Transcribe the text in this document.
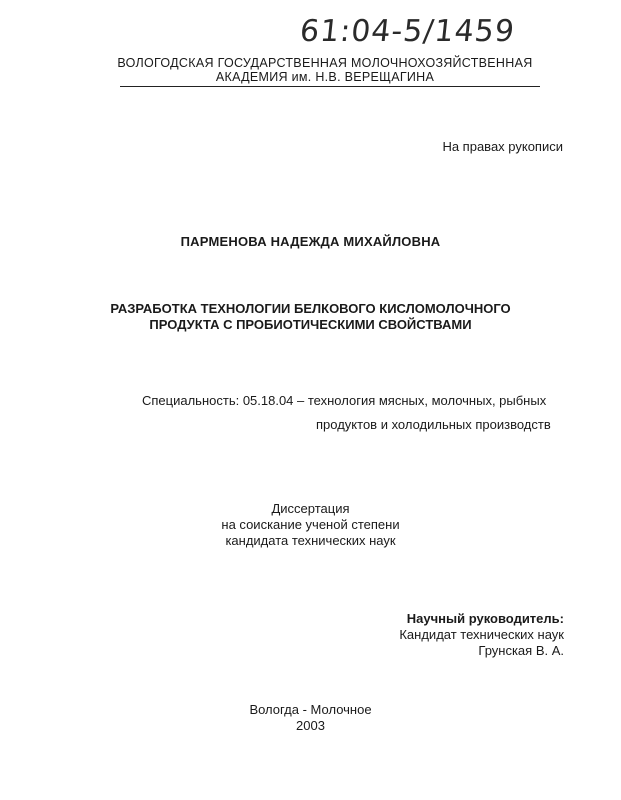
61:04-5/1459
ВОЛОГОДСКАЯ ГОСУДАРСТВЕННАЯ МОЛОЧНОХОЗЯЙСТВЕННАЯ
АКАДЕМИЯ им. Н.В. ВЕРЕЩАГИНА
На правах рукописи
ПАРМЕНОВА НАДЕЖДА МИХАЙЛОВНА
РАЗРАБОТКА ТЕХНОЛОГИИ БЕЛКОВОГО КИСЛОМОЛОЧНОГО
ПРОДУКТА С ПРОБИОТИЧЕСКИМИ СВОЙСТВАМИ
Специальность: 05.18.04 – технология мясных, молочных, рыбных
продуктов и холодильных производств
Диссертация
на соискание ученой степени
кандидата технических наук
Научный руководитель:
Кандидат технических наук
Грунская В. А.
Вологда - Молочное
2003
